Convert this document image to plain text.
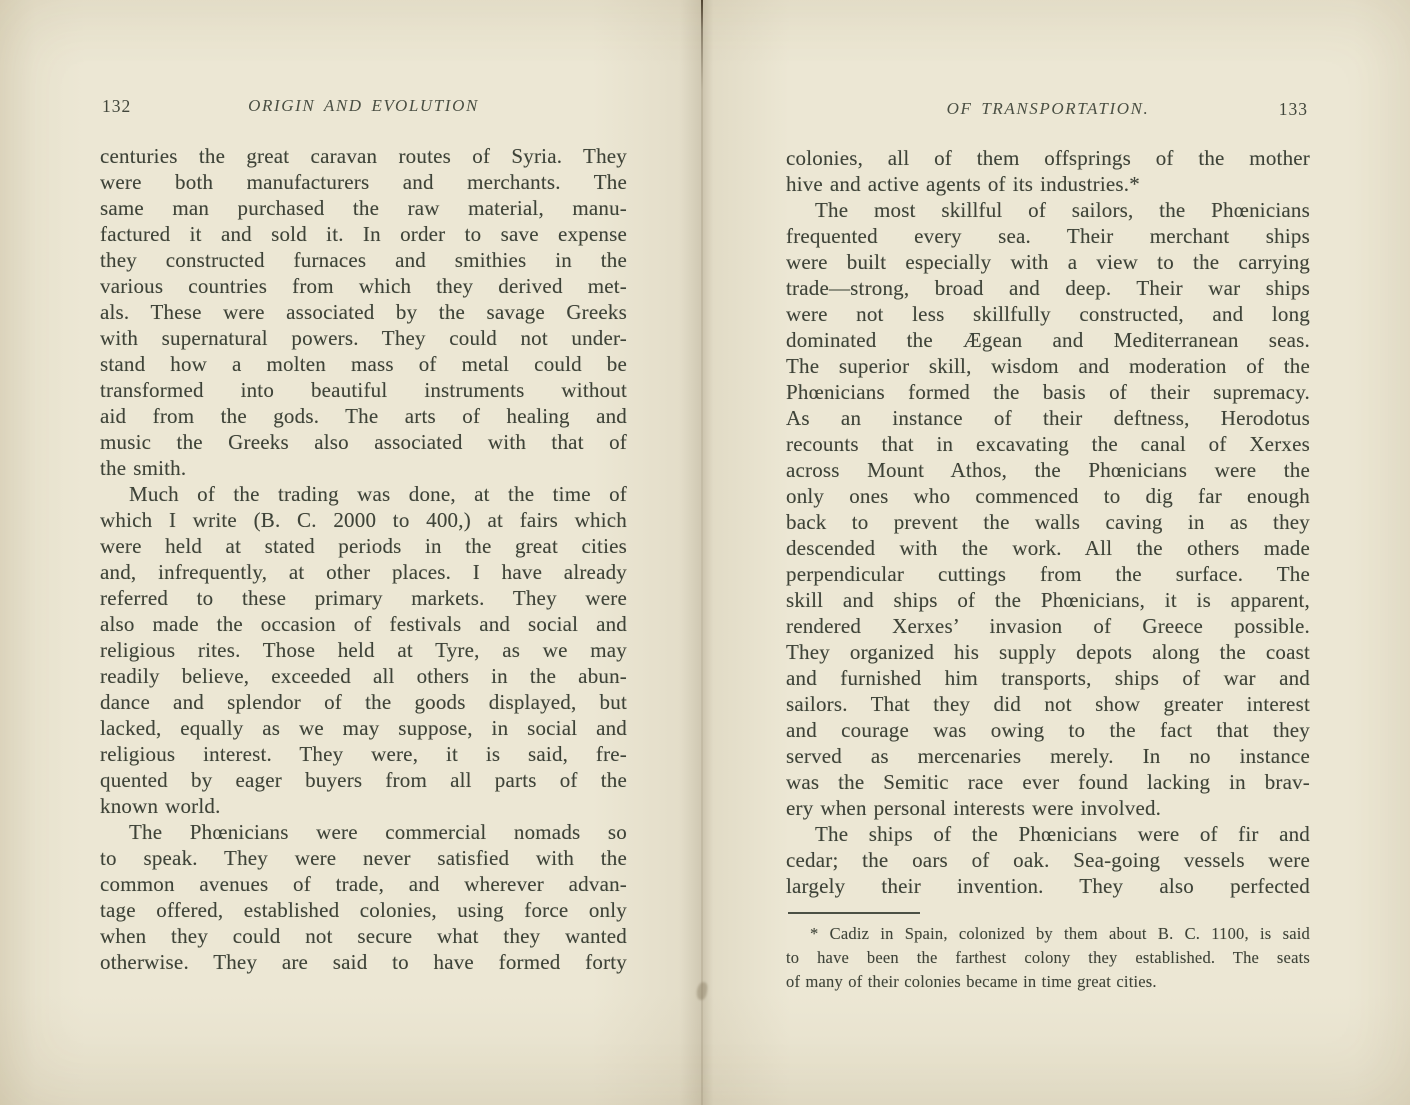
132	ORIGIN AND EVOLUTION
centuries the great caravan routes of Syria. They
were both manufacturers and merchants. The
same man purchased the raw material, manu-
factured it and sold it. In order to save expense
they constructed furnaces and smithies in the
various countries from which they derived met-
als. These were associated by the savage Greeks
with supernatural powers. They could not under-
stand how a molten mass of metal could be
transformed into beautiful instruments without
aid from the gods. The arts of healing and
music the Greeks also associated with that of
the smith.
Much of the trading was done, at the time of
which I write (B. C. 2000 to 400,) at fairs which
were held at stated periods in the great cities
and, infrequently, at other places. I have already
referred to these primary markets. They were
also made the occasion of festivals and social and
religious rites. Those held at Tyre, as we may
readily believe, exceeded all others in the abun-
dance and splendor of the goods displayed, but
lacked, equally as we may suppose, in social and
religious interest. They were, it is said, fre-
quented by eager buyers from all parts of the
known world.
The Phœnicians were commercial nomads so
to speak. They were never satisfied with the
common avenues of trade, and wherever advan-
tage offered, established colonies, using force only
when they could not secure what they wanted
otherwise. They are said to have formed forty
133
OF TRANSPORTATION.
colonies, all of them offsprings of the mother
hive and active agents of its industries.*
The most skillful of sailors, the Phœnicians
frequented every sea. Their merchant ships
were built especially with a view to the carrying
trade—strong, broad and deep. Their war ships
were not less skillfully constructed, and long
dominated the Ægean and Mediterranean seas.
The superior skill, wisdom and moderation of the
Phœnicians formed the basis of their supremacy.
As an instance of their deftness, Herodotus
recounts that in excavating the canal of Xerxes
across Mount Athos, the Phœnicians were the
only ones who commenced to dig far enough
back to prevent the walls caving in as they
descended with the work. All the others made
perpendicular cuttings from the surface. The
skill and ships of the Phœnicians, it is apparent,
rendered Xerxes’ invasion of Greece possible.
They organized his supply depots along the coast
and furnished him transports, ships of war and
sailors. That they did not show greater interest
and courage was owing to the fact that they
served as mercenaries merely. In no instance
was the Semitic race ever found lacking in brav-
ery when personal interests were involved.
The ships of the Phœnicians were of fir and
cedar; the oars of oak. Sea-going vessels were
largely their invention. They also perfected
* Cadiz in Spain, colonized by them about B. C. 1100, is said
to have been the farthest colony they established. The seats
of many of their colonies became in time great cities.
